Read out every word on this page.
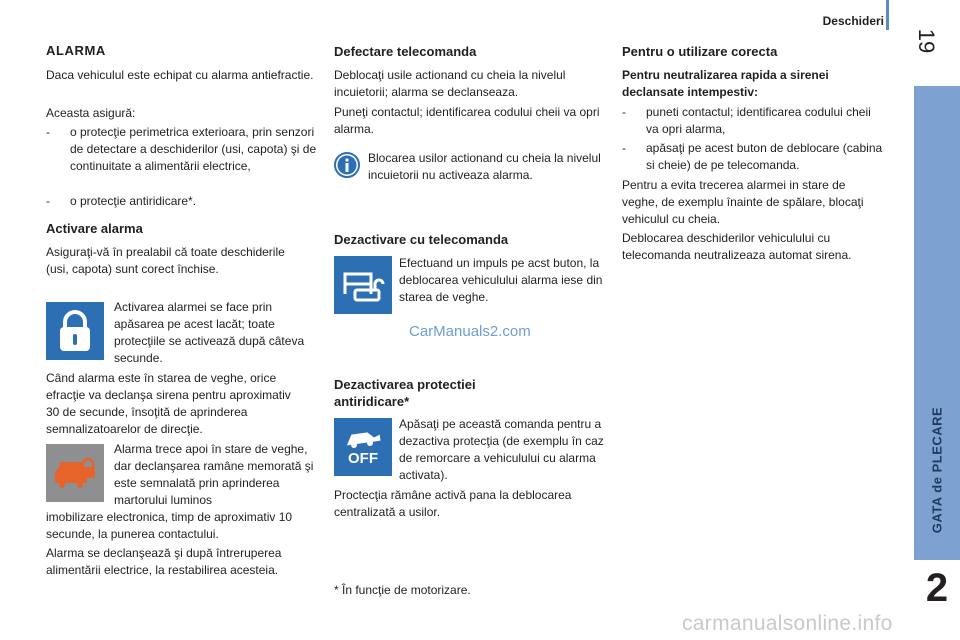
Deschideri
19
GATA de PLECARE
2
ALARMA

Daca vehiculul este echipat cu alarma antiefractie.

Aceasta asigură:

- o protecţie perimetrica exterioara, prin senzori de detectare a deschiderilor (usi, capota) şi de continuitate a alimentării electrice,
- o protecţie antiridicare*.
Activare alarma

Asiguraţi-vă în prealabil că toate deschiderile (usi, capota) sunt corect închise.

Activarea alarmei se face prin apăsarea pe acest lacăt; toate protecţiile se activează după câteva secunde.

Când alarma este în starea de veghe, orice efracţie va declanşa sirena pentru aproximativ 30 de secunde, însoţită de aprinderea semnalizatoarelor de direcţie.

Alarma trece apoi în stare de veghe, dar declanşarea ramâne memorată şi este semnalată prin aprinderea martorului luminos

imobilizare electronica, timp de aproximativ 10 secunde, la punerea contactului.

Alarma se declanşează şi după întreruperea alimentării electrice, la restabilirea acesteia.

Defectare telecomanda

Deblocaţi usile actionand cu cheia la nivelul incuietorii; alarma se declanseaza.

Puneţi contactul; identificarea codului cheii va opri alarma.

Blocarea usilor actionand cu cheia la nivelul incuietorii nu activeaza alarma.

Dezactivare cu telecomanda

Efectuand un impuls pe acst buton, la deblocarea vehiculului alarma iese din starea de veghe.

CarManuals2.com
Dezactivarea protectiei antiridicare*
OFF

Apăsaţi pe această comanda pentru a dezactiva protecţia (de exemplu în caz de remorcare a vehiculului cu alarma activata).

Proctecţia rămâne activă pana la deblocarea centralizată a usilor.

* În funcţie de motorizare.

Pentru o utilizare corecta

Pentru neutralizarea rapida a sirenei declansate intempestiv:

- puneti contactul; identificarea codului cheii va opri alarma,
- apăsaţi pe acest buton de deblocare (cabina si cheie) de pe telecomanda.

Pentru a evita trecerea alarmei in stare de veghe, de exemplu înainte de spălare, blocaţi vehiculul cu cheia.

Deblocarea deschiderilor vehiculului cu telecomanda neutralizeaza automat sirena.

carmanualsonline.info
